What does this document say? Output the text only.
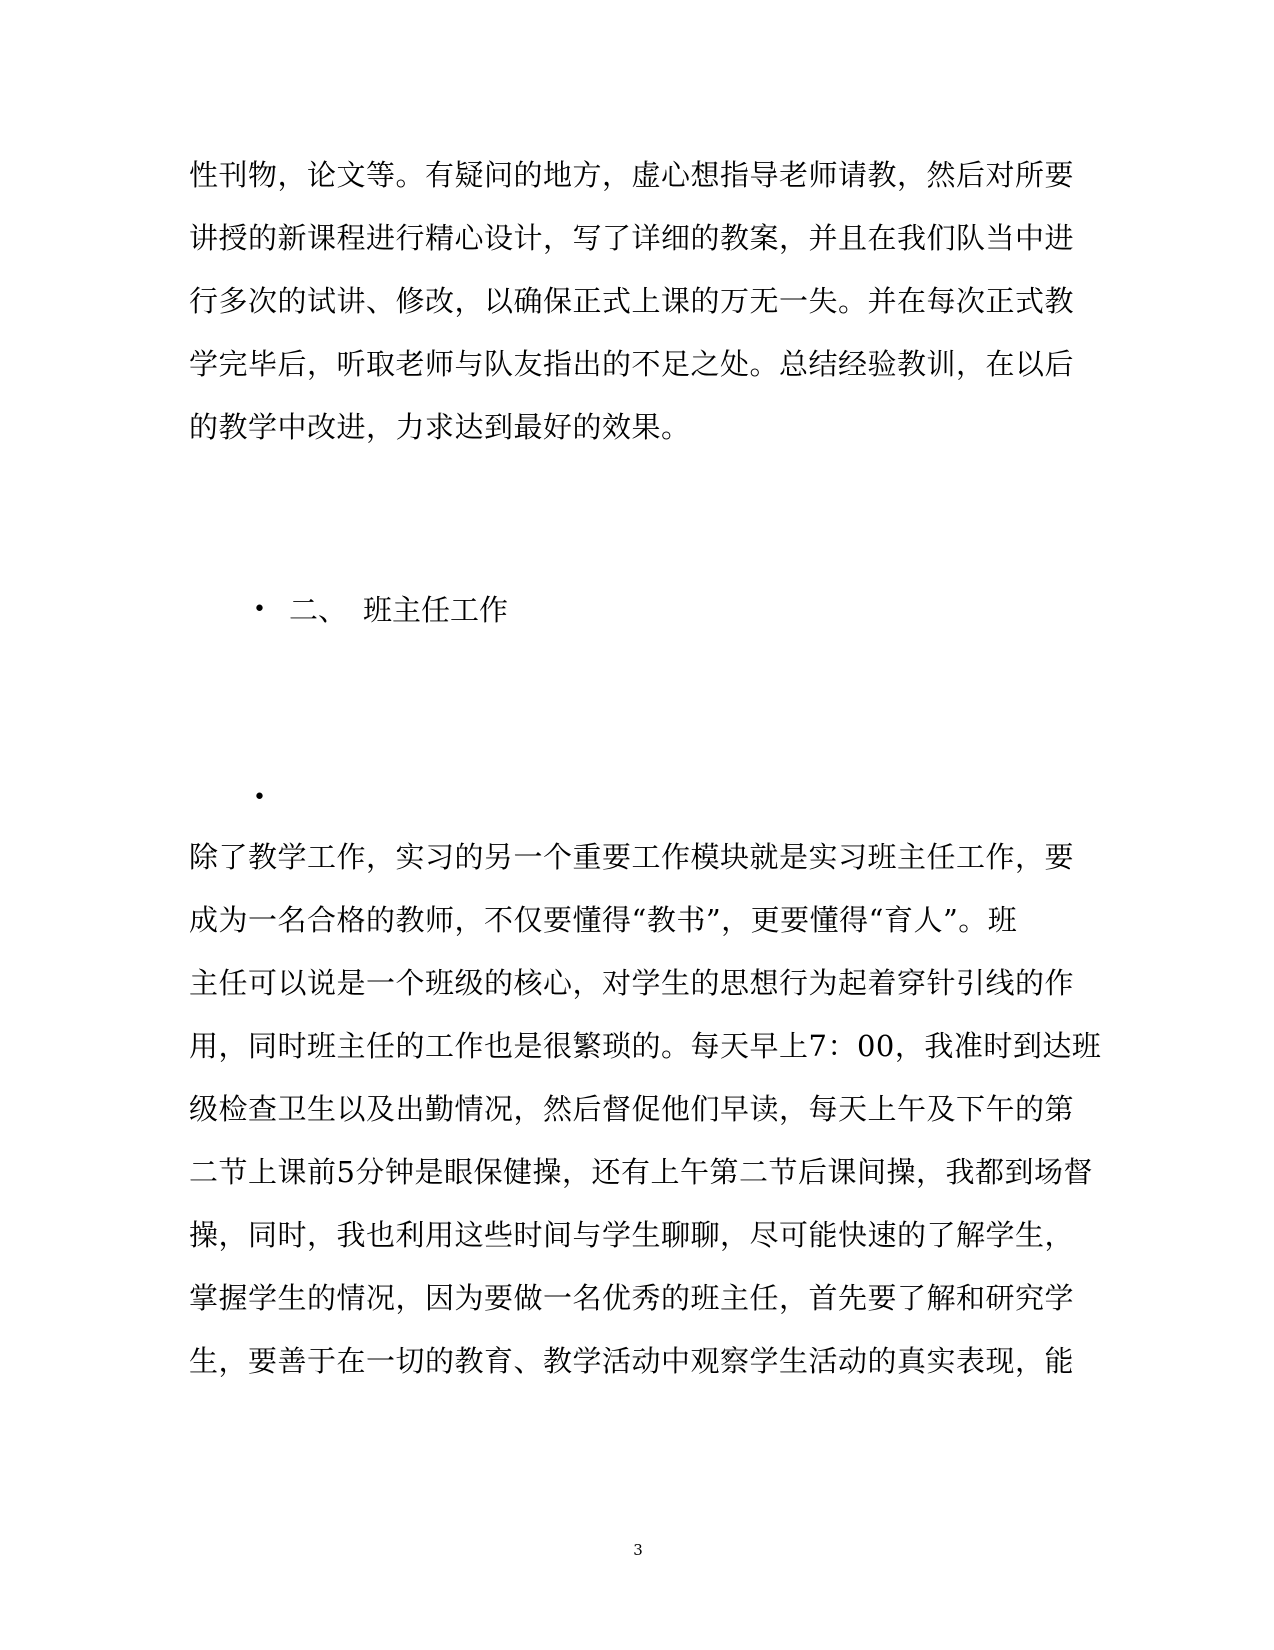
性刊物，论文等。有疑问的地方，虚心想指导老师请教，然后对所要
讲授的新课程进行精心设计，写了详细的教案，并且在我们队当中进
行多次的试讲、修改，以确保正式上课的万无一失。并在每次正式教
学完毕后，听取老师与队友指出的不足之处。总结经验教训，在以后
的教学中改进，力求达到最好的效果。
• 二、 班主任工作
•
除了教学工作，实习的另一个重要工作模块就是实习班主任工作，要
成为一名合格的教师，不仅要懂得“教书”，更要懂得“育人”。班
主任可以说是一个班级的核心，对学生的思想行为起着穿针引线的作
用，同时班主任的工作也是很繁琐的。每天早上7：00，我准时到达班
级检查卫生以及出勤情况，然后督促他们早读，每天上午及下午的第
二节上课前5分钟是眼保健操，还有上午第二节后课间操，我都到场督
操，同时，我也利用这些时间与学生聊聊，尽可能快速的了解学生，
掌握学生的情况，因为要做一名优秀的班主任，首先要了解和研究学
生，要善于在一切的教育、教学活动中观察学生活动的真实表现，能
3
